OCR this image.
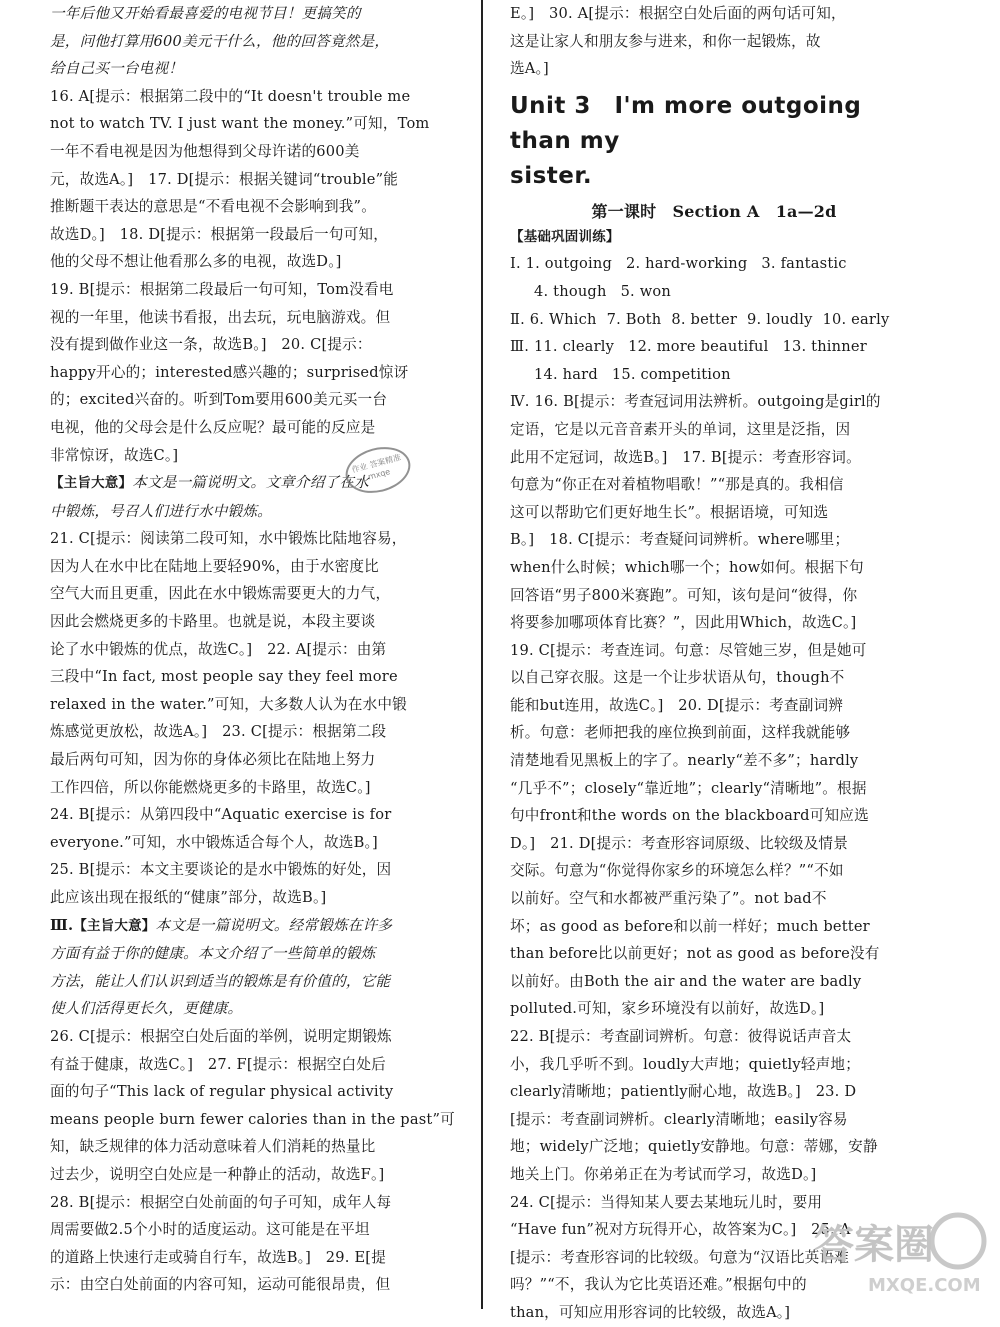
一年后他又开始看最喜爱的电视节目！更搞笑的

是，问他打算用600美元干什么，他的回答竟然是，

给自己买一台电视！

16. A[提示：根据第二段中的“It doesn't trouble me

not to watch TV. I just want the money.”可知，Tom

一年不看电视是因为他想得到父母许诺的600美

元，故选A。]　17. D[提示：根据关键词“trouble”能

推断题干表达的意思是“不看电视不会影响到我”。

故选D。]　18. D[提示：根据第一段最后一句可知，

他的父母不想让他看那么多的电视，故选D。]

19. B[提示：根据第二段最后一句可知，Tom没看电

视的一年里，他读书看报，出去玩，玩电脑游戏。但

没有提到做作业这一条，故选B。]　20. C[提示：

happy开心的；interested感兴趣的；surprised惊讶

的；excited兴奋的。听到Tom要用600美元买一台

电视，他的父母会是什么反应呢？最可能的反应是

非常惊讶，故选C。]

【主旨大意】本文是一篇说明文。文章介绍了在水

中锻炼，号召人们进行水中锻炼。

21. C[提示：阅读第二段可知，水中锻炼比陆地容易，

因为人在水中比在陆地上要轻90%，由于水密度比

空气大而且更重，因此在水中锻炼需要更大的力气，

因此会燃烧更多的卡路里。也就是说，本段主要谈

论了水中锻炼的优点，故选C。]　22. A[提示：由第

三段中“In fact, most people say they feel more

relaxed in the water.”可知，大多数人认为在水中锻

炼感觉更放松，故选A。]　23. C[提示：根据第二段

最后两句可知，因为你的身体必须比在陆地上努力

工作四倍，所以你能燃烧更多的卡路里，故选C。]

24. B[提示：从第四段中“Aquatic exercise is for

everyone.”可知，水中锻炼适合每个人，故选B。]

25. B[提示：本文主要谈论的是水中锻炼的好处，因

此应该出现在报纸的“健康”部分，故选B。]

Ⅲ.【主旨大意】本文是一篇说明文。经常锻炼在许多

方面有益于你的健康。本文介绍了一些简单的锻炼

方法，能让人们认识到适当的锻炼是有价值的，它能

使人们活得更长久，更健康。

26. C[提示：根据空白处后面的举例，说明定期锻炼

有益于健康，故选C。]　27. F[提示：根据空白处后

面的句子“This lack of regular physical activity

means people burn fewer calories than in the past”可

知，缺乏规律的体力活动意味着人们消耗的热量比

过去少，说明空白处应是一种静止的活动，故选F。]

28. B[提示：根据空白处前面的句子可知，成年人每

周需要做2.5个小时的适度运动。这可能是在平坦

的道路上快速行走或骑自行车，故选B。]　29. E[提

示：由空白处前面的内容可知，运动可能很昂贵，但

作业 答案精准 mxqe

E。]　30. A[提示：根据空白处后面的两句话可知，

这是让家人和朋友参与进来，和你一起锻炼，故

选A。]

Unit 3　I'm more outgoing than my
sister.
第一课时　Section A　1a—2d
【基础巩固训练】
Ⅰ. 1. outgoing 2. hard-working 3. fantastic
4. though 5. won
Ⅱ. 6. Which 7. Both 8. better 9. loudly 10. early
Ⅲ. 11. clearly 12. more beautiful 13. thinner
14. hard 15. competition

Ⅳ. 16. B[提示：考查冠词用法辨析。outgoing是girl的

定语，它是以元音音素开头的单词，这里是泛指，因

此用不定冠词，故选B。]　17. B[提示：考查形容词。

句意为“你正在对着植物唱歌！”“那是真的。我相信

这可以帮助它们更好地生长”。根据语境，可知选

B。]　18. C[提示：考查疑问词辨析。where哪里；

when什么时候；which哪一个；how如何。根据下句

回答语“男子800米赛跑”。可知，该句是问“彼得，你

将要参加哪项体育比赛？”，因此用Which，故选C。]

19. C[提示：考查连词。句意：尽管她三岁，但是她可

以自己穿衣服。这是一个让步状语从句，though不

能和but连用，故选C。]　20. D[提示：考查副词辨

析。句意：老师把我的座位换到前面，这样我就能够

清楚地看见黑板上的字了。nearly“差不多”；hardly

“几乎不”；closely“靠近地”；clearly“清晰地”。根据

句中front和the words on the blackboard可知应选

D。]　21. D[提示：考查形容词原级、比较级及情景

交际。句意为“你觉得你家乡的环境怎么样？”“不如

以前好。空气和水都被严重污染了”。not bad不

坏；as good as before和以前一样好；much better

than before比以前更好；not as good as before没有

以前好。由Both the air and the water are badly

polluted.可知，家乡环境没有以前好，故选D。]

22. B[提示：考查副词辨析。句意：彼得说话声音太

小，我几乎听不到。loudly大声地；quietly轻声地；

clearly清晰地；patiently耐心地，故选B。]　23. D

[提示：考查副词辨析。clearly清晰地；easily容易

地；widely广泛地；quietly安静地。句意：蒂娜，安静

地关上门。你弟弟正在为考试而学习，故选D。]

24. C[提示：当得知某人要去某地玩儿时，要用

“Have fun”祝对方玩得开心，故答案为C。]　25. A

[提示：考查形容词的比较级。句意为“汉语比英语难

吗？”“不，我认为它比英语还难。”根据句中的

than，可知应用形容词的比较级，故选A。]

答案圈
MXQE.COM
